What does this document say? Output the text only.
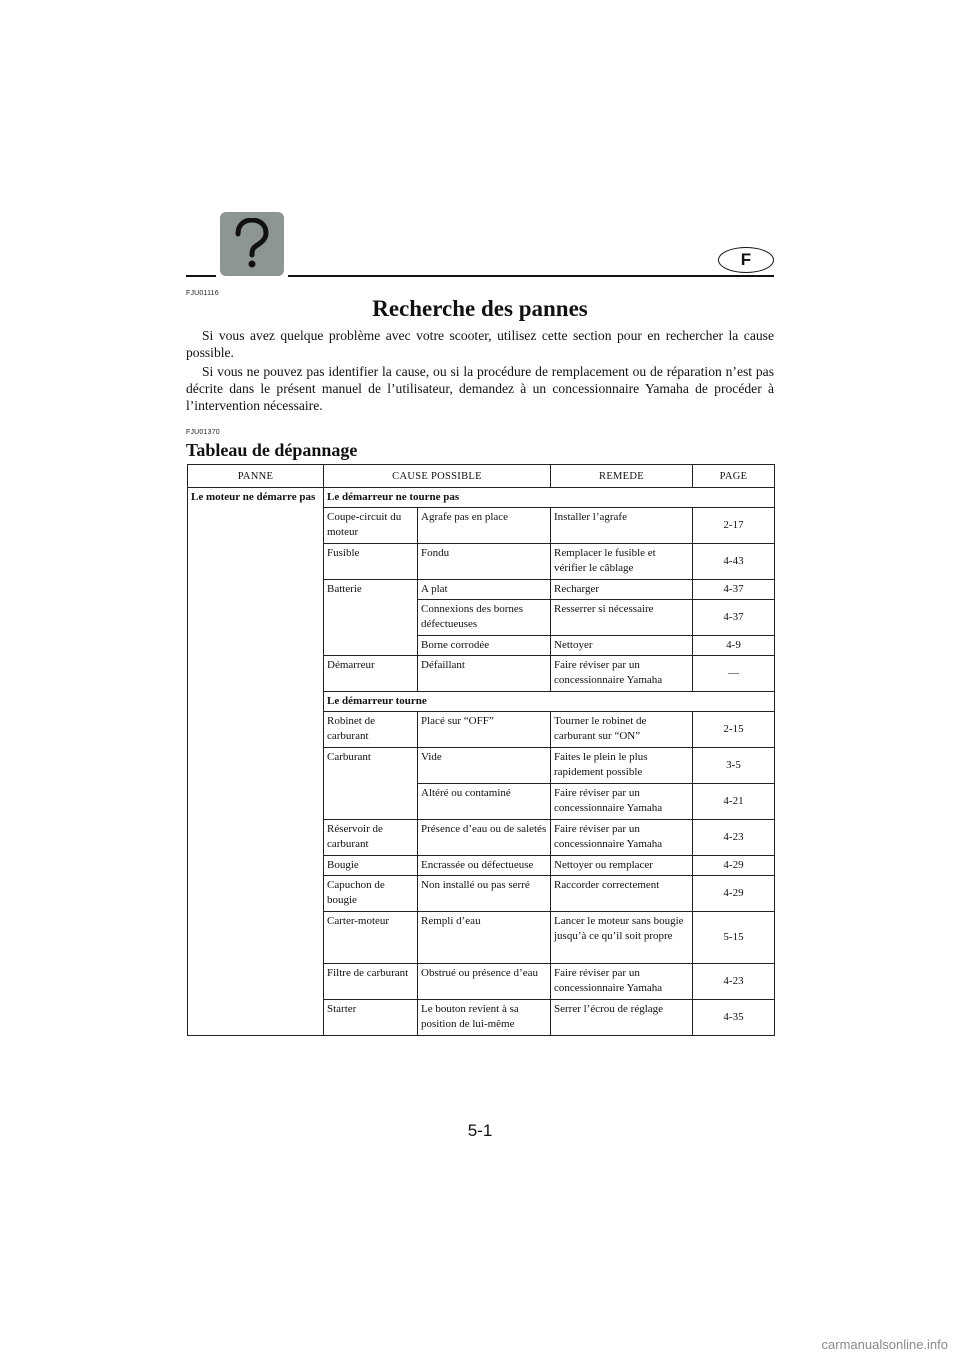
F
FJU01116
Recherche des pannes

Si vous avez quelque problème avec votre scooter, utilisez cette section pour en rechercher la cause possible.

Si vous ne pouvez pas identifier la cause, ou si la procédure de remplacement ou de réparation n’est pas décrite dans le présent manuel de l’utilisateur, demandez à un concessionnaire Yamaha de procéder à l’intervention nécessaire.

FJU01370
Tableau de dépannage
PANNE	CAUSE POSSIBLE		REMEDE	PAGE
Le moteur ne démarre pas	Le démarreur ne tourne pas			
	Coupe-circuit du moteur	Agrafe pas en place	Installer l’agrafe	2-17
	Fusible	Fondu	Remplacer le fusible et vérifier le câblage	4-43
	Batterie	A plat	Recharger	4-37
		Connexions des bornes défectueuses	Resserrer si nécessaire	4-37
		Borne corrodée	Nettoyer	4-9
	Démarreur	Défaillant	Faire réviser par un concessionnaire Yamaha	—
	Le démarreur tourne			
	Robinet de carburant	Placé sur “OFF”	Tourner le robinet de carburant sur “ON”	2-15
	Carburant	Vide	Faites le plein le plus rapidement possible	3-5
		Altéré ou contaminé	Faire réviser par un concessionnaire Yamaha	4-21
	Réservoir de carburant	Présence d’eau ou de saletés	Faire réviser par un concessionnaire Yamaha	4-23
	Bougie	Encrassée ou défectueuse	Nettoyer ou remplacer	4-29
	Capuchon de bougie	Non installé ou pas serré	Raccorder correctement	4-29
	Carter-moteur	Rempli d’eau	Lancer le moteur sans bougie jusqu’à ce qu’il soit propre	5-15
	Filtre de carburant	Obstrué ou présence d’eau	Faire réviser par un concessionnaire Yamaha	4-23
	Starter	Le bouton revient à sa position de lui-même	Serrer l’écrou de réglage	4-35
5-1
carmanualsonline.info
